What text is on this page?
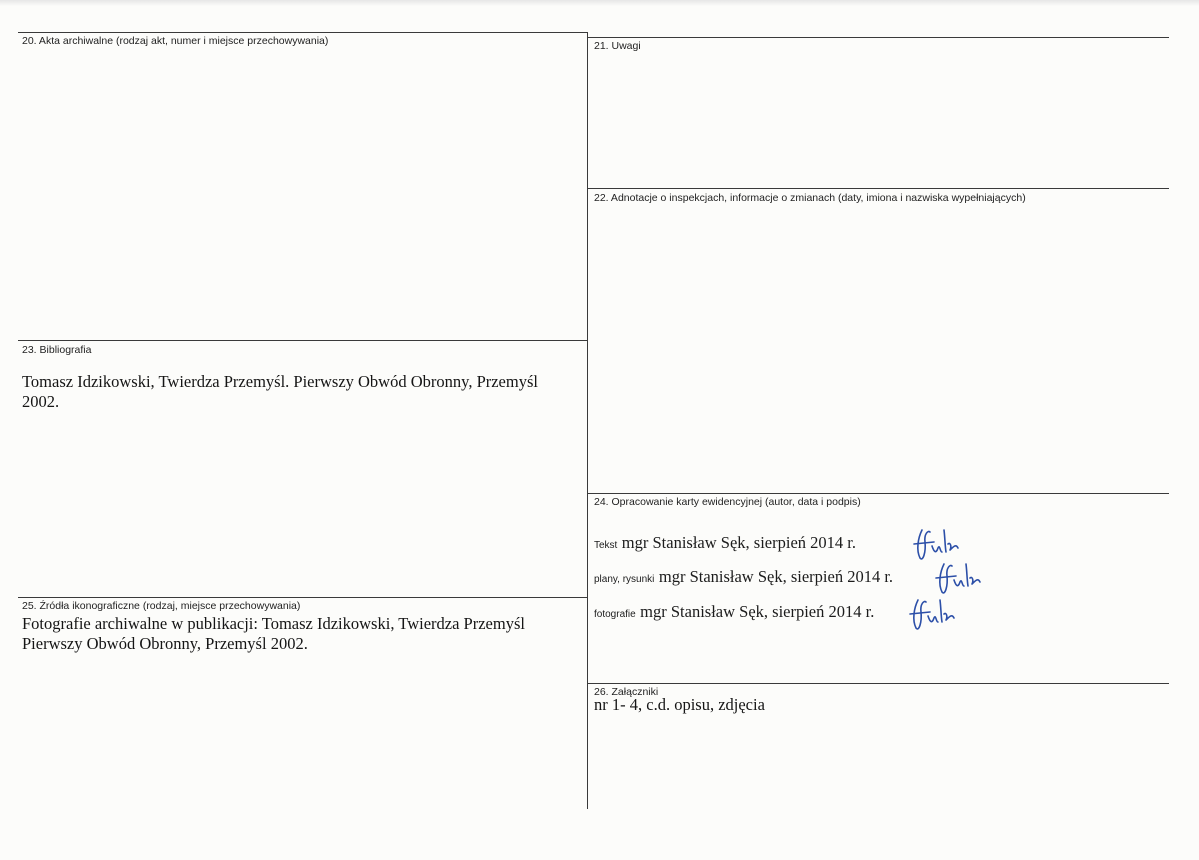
20. Akta archiwalne (rodzaj akt, numer i miejsce przechowywania)	21. Uwagi
22. Adnotacje o inspekcjach, informacje o zmianach (daty, imiona i nazwiska wypełniających)
23. Bibliografia
Tomasz Idzikowski, Twierdza Przemyśl. Pierwszy Obwód Obronny, Przemyśl
2002.
24. Opracowanie karty ewidencyjnej (autor, data i podpis)
Tekst mgr Stanisław Sęk, sierpień 2014 r.
plany, rysunki mgr Stanisław Sęk, sierpień 2014 r.
fotografie mgr Stanisław Sęk, sierpień 2014 r.
25. Źródła ikonograficzne (rodzaj, miejsce przechowywania)
Fotografie archiwalne w publikacji: Tomasz Idzikowski, Twierdza Przemyśl
Pierwszy Obwód Obronny, Przemyśl 2002.
26. Załączniki
nr 1- 4, c.d. opisu, zdjęcia
